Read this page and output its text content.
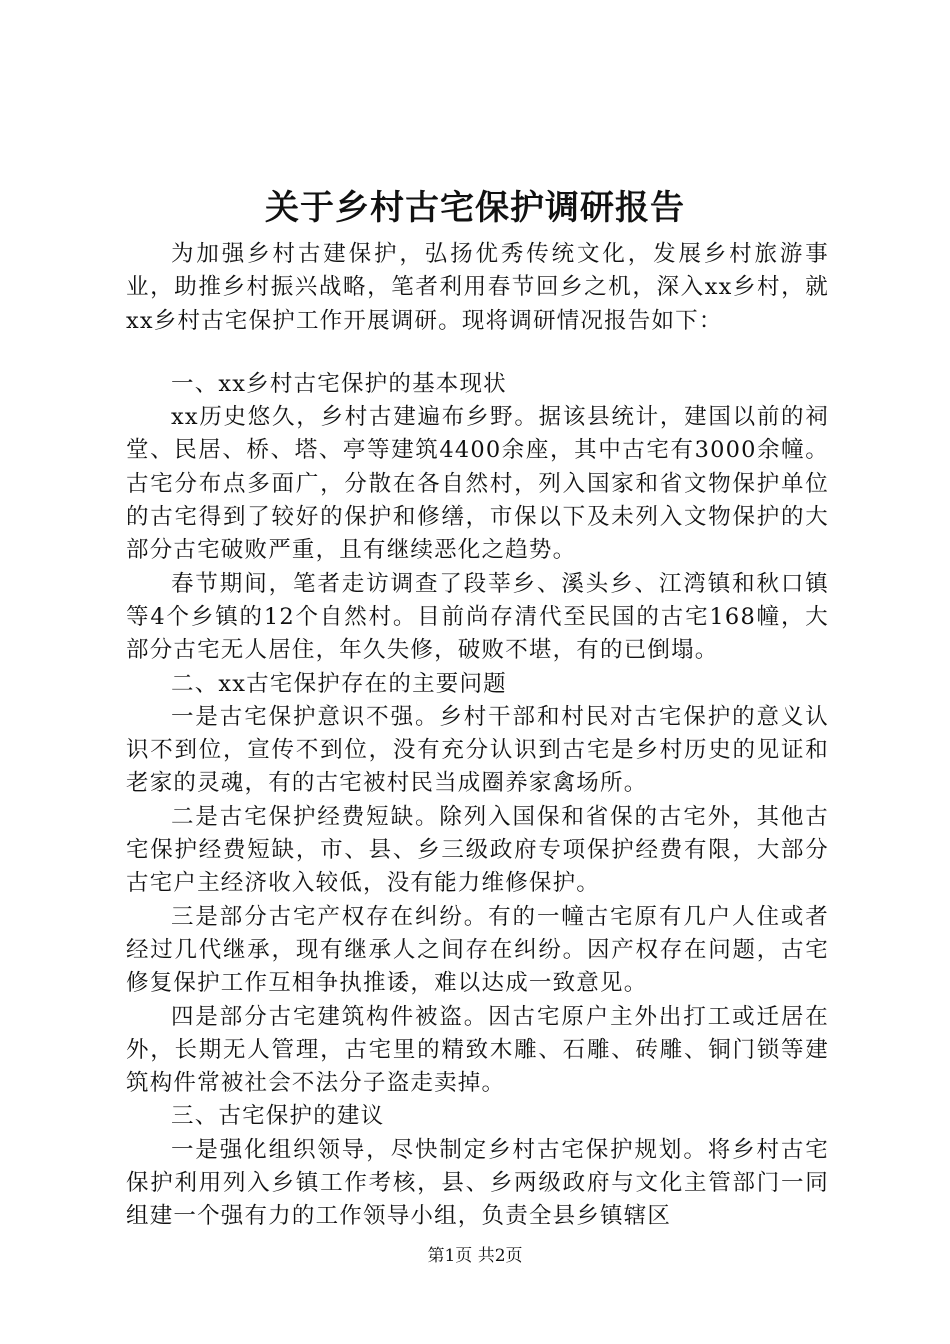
关于乡村古宅保护调研报告

为加强乡村古建保护，弘扬优秀传统文化，发展乡村旅游事业，助推乡村振兴战略，笔者利用春节回乡之机，深入xx乡村，就xx乡村古宅保护工作开展调研。现将调研情况报告如下：

一、xx乡村古宅保护的基本现状

xx历史悠久，乡村古建遍布乡野。据该县统计，建国以前的祠堂、民居、桥、塔、亭等建筑4400余座，其中古宅有3000余幢。古宅分布点多面广，分散在各自然村，列入国家和省文物保护单位的古宅得到了较好的保护和修缮，市保以下及未列入文物保护的大部分古宅破败严重，且有继续恶化之趋势。

春节期间，笔者走访调查了段莘乡、溪头乡、江湾镇和秋口镇等4个乡镇的12个自然村。目前尚存清代至民国的古宅168幢，大部分古宅无人居住，年久失修，破败不堪，有的已倒塌。

二、xx古宅保护存在的主要问题

一是古宅保护意识不强。乡村干部和村民对古宅保护的意义认识不到位，宣传不到位，没有充分认识到古宅是乡村历史的见证和老家的灵魂，有的古宅被村民当成圈养家禽场所。

二是古宅保护经费短缺。除列入国保和省保的古宅外，其他古宅保护经费短缺，市、县、乡三级政府专项保护经费有限，大部分古宅户主经济收入较低，没有能力维修保护。

三是部分古宅产权存在纠纷。有的一幢古宅原有几户人住或者经过几代继承，现有继承人之间存在纠纷。因产权存在问题，古宅修复保护工作互相争执推诿，难以达成一致意见。

四是部分古宅建筑构件被盗。因古宅原户主外出打工或迁居在外，长期无人管理，古宅里的精致木雕、石雕、砖雕、铜门锁等建筑构件常被社会不法分子盗走卖掉。

三、古宅保护的建议

一是强化组织领导，尽快制定乡村古宅保护规划。将乡村古宅保护利用列入乡镇工作考核，县、乡两级政府与文化主管部门一同组建一个强有力的工作领导小组，负责全县乡镇辖区

第1页 共2页
